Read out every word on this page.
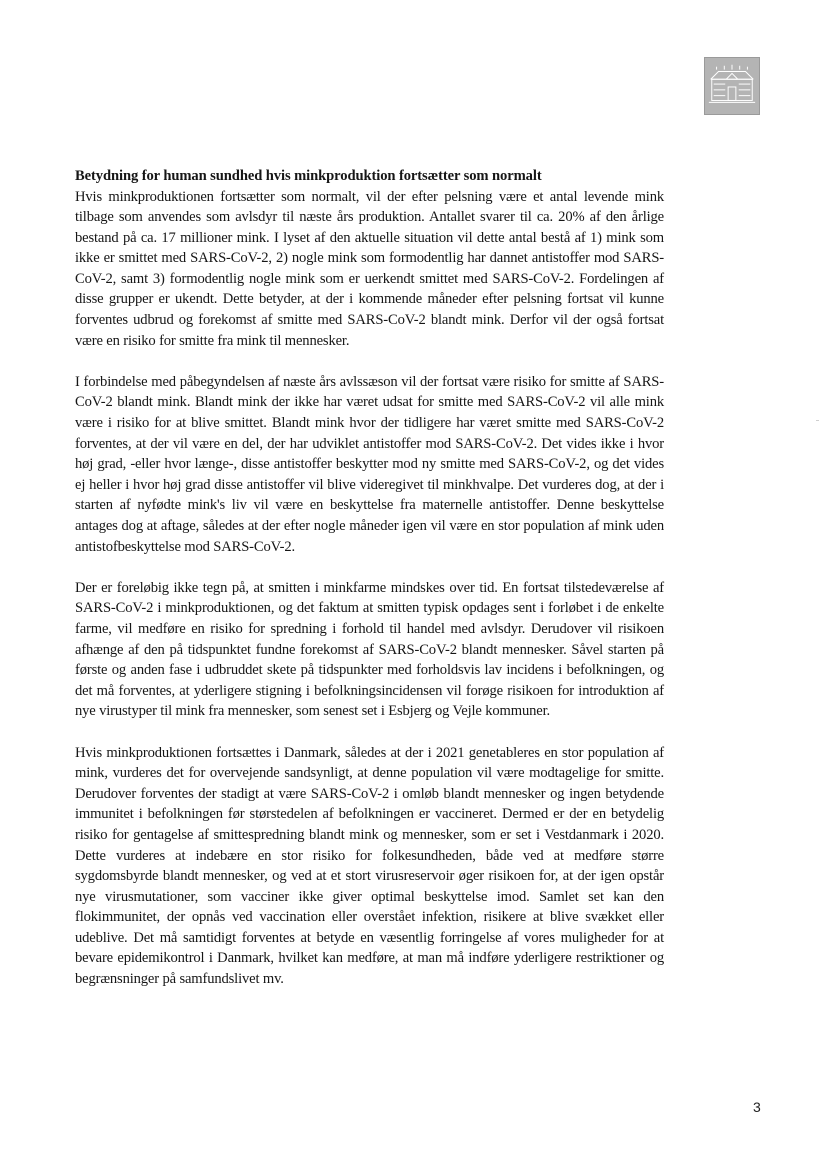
Betydning for human sundhed hvis minkproduktion fortsætter som normalt

Hvis minkproduktionen fortsætter som normalt, vil der efter pelsning være et antal levende mink tilbage som anvendes som avlsdyr til næste års produktion. Antallet svarer til ca. 20% af den årlige bestand på ca. 17 millioner mink. I lyset af den aktuelle situation vil dette antal bestå af 1) mink som ikke er smittet med SARS-CoV-2, 2) nogle mink som formodentlig har dannet antistoffer mod SARS-CoV-2, samt 3) formodentlig nogle mink som er uerkendt smittet med SARS-CoV-2. Fordelingen af disse grupper er ukendt. Dette betyder, at der i kommende måneder efter pelsning fortsat vil kunne forventes udbrud og forekomst af smitte med SARS-CoV-2 blandt mink. Derfor vil der også fortsat være en risiko for smitte fra mink til mennesker.

I forbindelse med påbegyndelsen af næste års avlssæson vil der fortsat være risiko for smitte af SARS-CoV-2 blandt mink. Blandt mink der ikke har været udsat for smitte med SARS-CoV-2 vil alle mink være i risiko for at blive smittet. Blandt mink hvor der tidligere har været smitte med SARS-CoV-2 forventes, at der vil være en del, der har udviklet antistoffer mod SARS-CoV-2. Det vides ikke i hvor høj grad, -eller hvor længe-, disse antistoffer beskytter mod ny smitte med SARS-CoV-2, og det vides ej heller i hvor høj grad disse antistoffer vil blive videregivet til minkhvalpe. Det vurderes dog, at der i starten af nyfødte mink's liv vil være en beskyttelse fra maternelle antistoffer. Denne beskyttelse antages dog at aftage, således at der efter nogle måneder igen vil være en stor population af mink uden antistofbeskyttelse mod SARS-CoV-2.

Der er foreløbig ikke tegn på, at smitten i minkfarme mindskes over tid. En fortsat tilstedeværelse af SARS-CoV-2 i minkproduktionen, og det faktum at smitten typisk opdages sent i forløbet i de enkelte farme, vil medføre en risiko for spredning i forhold til handel med avlsdyr. Derudover vil risikoen afhænge af den på tidspunktet fundne forekomst af SARS-CoV-2 blandt mennesker. Såvel starten på første og anden fase i udbruddet skete på tidspunkter med forholdsvis lav incidens i befolkningen, og det må forventes, at yderligere stigning i befolkningsincidensen vil forøge risikoen for introduktion af nye virustyper til mink fra mennesker, som senest set i Esbjerg og Vejle kommuner.

Hvis minkproduktionen fortsættes i Danmark, således at der i 2021 genetableres en stor population af mink, vurderes det for overvejende sandsynligt, at denne population vil være modtagelige for smitte. Derudover forventes der stadigt at være SARS-CoV-2 i omløb blandt mennesker og ingen betydende immunitet i befolkningen før størstedelen af befolkningen er vaccineret. Dermed er der en betydelig risiko for gentagelse af smittespredning blandt mink og mennesker, som er set i Vestdanmark i 2020. Dette vurderes at indebære en stor risiko for folkesundheden, både ved at medføre større sygdomsbyrde blandt mennesker, og ved at et stort virusreservoir øger risikoen for, at der igen opstår nye virusmutationer, som vacciner ikke giver optimal beskyttelse imod. Samlet set kan den flokimmunitet, der opnås ved vaccination eller overstået infektion, risikere at blive svækket eller udeblive. Det må samtidigt forventes at betyde en væsentlig forringelse af vores muligheder for at bevare epidemikontrol i Danmark, hvilket kan medføre, at man må indføre yderligere restriktioner og begrænsninger på samfundslivet mv.

3
